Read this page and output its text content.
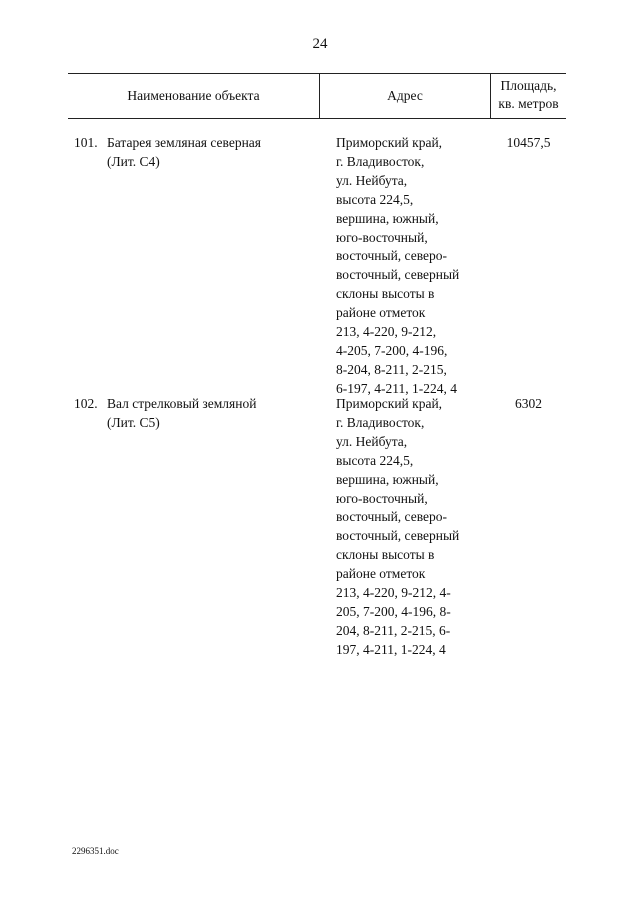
24
Наименование объекта	Адрес
Площадь,
кв. метров
101. Батарея земляная северная
(Лит. С4)
Приморский край,
г. Владивосток,
ул. Нейбута,
высота 224,5,
вершина, южный,
юго-восточный,
восточный, северо-
восточный, северный
склоны высоты в
районе отметок
213, 4-220, 9-212,
4-205, 7-200, 4-196,
8-204, 8-211, 2-215,
6-197, 4-211, 1-224, 4
10457,5
102. Вал стрелковый земляной
(Лит. С5)
Приморский край,
г. Владивосток,
ул. Нейбута,
высота 224,5,
вершина, южный,
юго-восточный,
восточный, северо-
восточный, северный
склоны высоты в
районе отметок
213, 4-220, 9-212, 4-
205, 7-200, 4-196, 8-
204, 8-211, 2-215, 6-
197, 4-211, 1-224, 4
6302
2296351.doc
